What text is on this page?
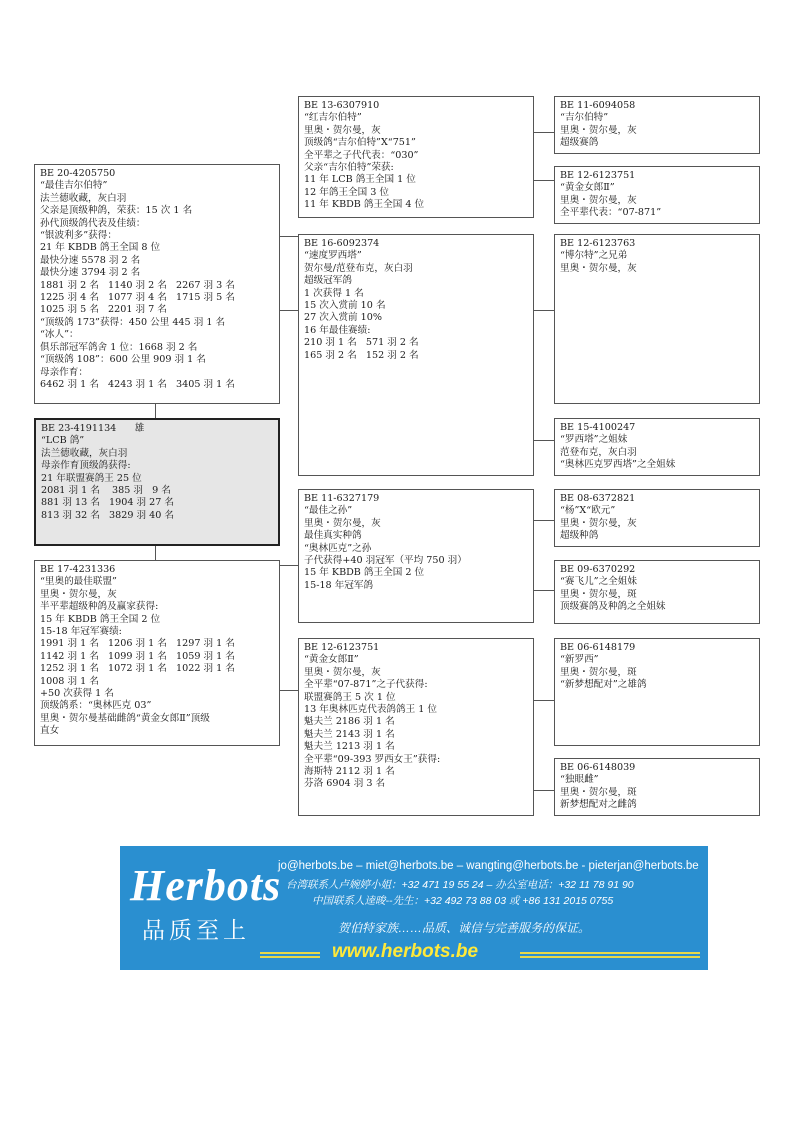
BE 13-6307910
“红吉尔伯特”
里奥・贺尔曼，灰
顶级鸽“吉尔伯特”X“751”
全平辈之子代代表：“030”
父亲“吉尔伯特”荣获:
11 年 LCB 鸽王全国 1 位
12 年鸽王全国 3 位
11 年 KBDB 鸽王全国 4 位
BE 16-6092374
“速度罗西塔”
贺尔曼/范登布克，灰白羽
超级冠军鸽
1 次获得 1 名
15 次入赏前 10 名
27 次入赏前 10%
16 年最佳赛绩:
210 羽 1 名   571 羽 2 名
165 羽 2 名   152 羽 2 名
BE 11-6327179
“最佳之孙”
里奥・贺尔曼，灰
最佳真实种鸽
“奥林匹克”之孙
子代获得+40 羽冠军（平均 750 羽）
15 年 KBDB 鸽王全国 2 位
15-18 年冠军鸽
BE 12-6123751
“黄金女郎Ⅱ”
里奥・贺尔曼，灰
全平辈“07-871”之子代获得:
联盟赛鸽王 5 次 1 位
13 年奥林匹克代表鸽鸽王 1 位
魁夫兰 2186 羽 1 名
魁夫兰 2143 羽 1 名
魁夫兰 1213 羽 1 名
全平辈“09-393 罗西女王”获得:
海斯特 2112 羽 1 名
芬洛 6904 羽 3 名
BE 11-6094058
“吉尔伯特”
里奥・贺尔曼，灰
超级赛鸽
BE 12-6123751
“黄金女郎Ⅱ”
里奥・贺尔曼，灰
全平辈代表：“07-871”
BE 12-6123763
“博尔特”之兄弟
里奥・贺尔曼，灰
BE 15-4100247
“罗西塔”之姐妹
范登布克，灰白羽
“奥林匹克罗西塔”之全姐妹
BE 08-6372821
“杨”X“欧元”
里奥・贺尔曼，灰
超级种鸽
BE 09-6370292
“赛飞儿”之全姐妹
里奥・贺尔曼，斑
顶级赛鸽及种鸽之全姐妹
BE 06-6148179
“新罗西”
里奥・贺尔曼，斑
“新梦想配对”之雄鸽
BE 06-6148039
“独眼雌”
里奥・贺尔曼，斑
新梦想配对之雌鸽
BE 20-4205750
“最佳吉尔伯特”
法兰德收藏，灰白羽
父亲是顶级种鸽，荣获：15 次 1 名
孙代顶级鸽代表及佳绩：
“银波利多”获得：
21 年 KBDB 鸽王全国 8 位
最快分速 5578 羽 2 名
最快分速 3794 羽 2 名
1881 羽 2 名   1140 羽 2 名   2267 羽 3 名
1225 羽 4 名   1077 羽 4 名   1715 羽 5 名
1025 羽 5 名   2201 羽 7 名
“顶级鸽 173”获得：450 公里 445 羽 1 名
“冰人”：
俱乐部冠军鸽舍 1 位：1668 羽 2 名
“顶级鸽 108”：600 公里 909 羽 1 名
母亲作育：
6462 羽 1 名   4243 羽 1 名   3405 羽 1 名
BE 17-4231336
“里奥的最佳联盟”
里奥・贺尔曼，灰
半平辈超级种鸽及赢家获得:
15 年 KBDB 鸽王全国 2 位
15-18 年冠军赛绩:
1991 羽 1 名   1206 羽 1 名   1297 羽 1 名
1142 羽 1 名   1099 羽 1 名   1059 羽 1 名
1252 羽 1 名   1072 羽 1 名   1022 羽 1 名
1008 羽 1 名
+50 次获得 1 名
顶级鸽系：“奥林匹克 03”
里奥・贺尔曼基础雌鸽“黄金女郎Ⅱ”顶级
直女
BE 23-4191134      雄
“LCB 鸽”
法兰德收藏，灰白羽
母亲作育顶级鸽获得:
21 年联盟赛鸽王 25 位
2081 羽 1 名    385 羽   9 名
881 羽 13 名   1904 羽 27 名
813 羽 32 名   3829 羽 40 名
Herbots
品质至上
jo@herbots.be – miet@herbots.be – wangting@herbots.be - pieterjan@herbots.be
台湾联系人卢婉婷小姐：+32 471 19 55 24 – 办公室电话：+32 11 78 91 90
中国联系人逵晙-‐先生：+32 492 73 88 03 或 +86 131 2015 0755
贺伯特家族……品质、诚信与完善服务的保证。
www.herbots.be
